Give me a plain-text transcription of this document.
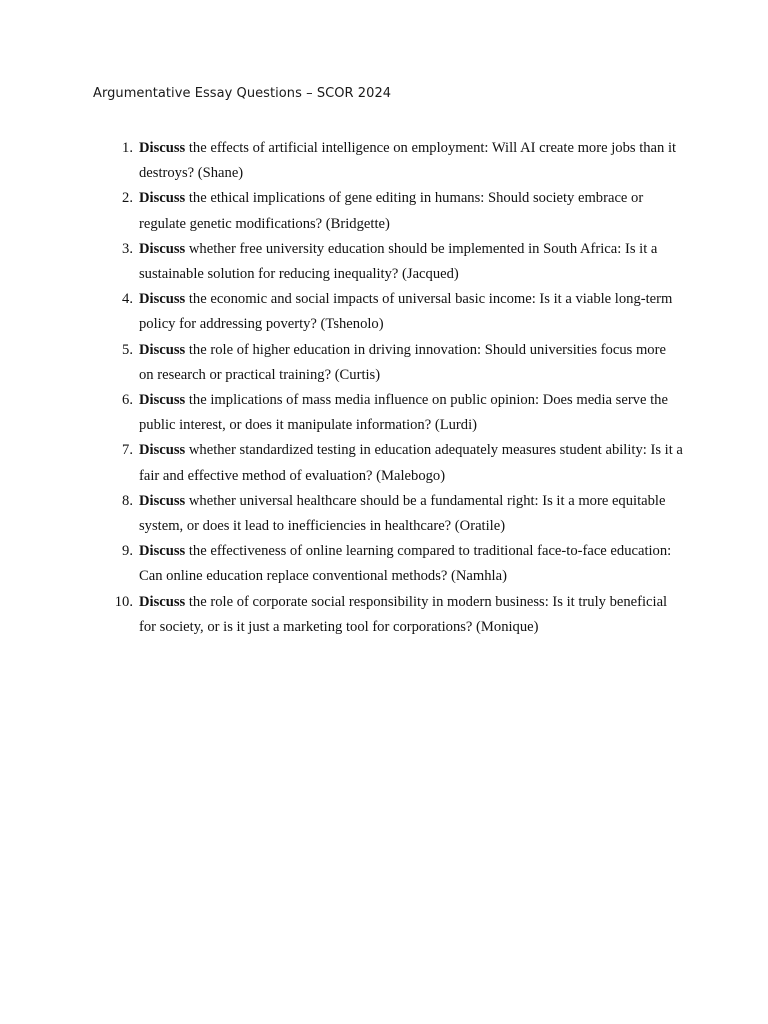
Argumentative Essay Questions – SCOR 2024
1. Discuss the effects of artificial intelligence on employment: Will AI create more jobs than it destroys? (Shane)
2. Discuss the ethical implications of gene editing in humans: Should society embrace or regulate genetic modifications? (Bridgette)
3. Discuss whether free university education should be implemented in South Africa: Is it a sustainable solution for reducing inequality? (Jacqued)
4. Discuss the economic and social impacts of universal basic income: Is it a viable long-term policy for addressing poverty? (Tshenolo)
5. Discuss the role of higher education in driving innovation: Should universities focus more on research or practical training? (Curtis)
6. Discuss the implications of mass media influence on public opinion: Does media serve the public interest, or does it manipulate information? (Lurdi)
7. Discuss whether standardized testing in education adequately measures student ability: Is it a fair and effective method of evaluation? (Malebogo)
8. Discuss whether universal healthcare should be a fundamental right: Is it a more equitable system, or does it lead to inefficiencies in healthcare? (Oratile)
9. Discuss the effectiveness of online learning compared to traditional face-to-face education: Can online education replace conventional methods? (Namhla)
10. Discuss the role of corporate social responsibility in modern business: Is it truly beneficial for society, or is it just a marketing tool for corporations? (Monique)
